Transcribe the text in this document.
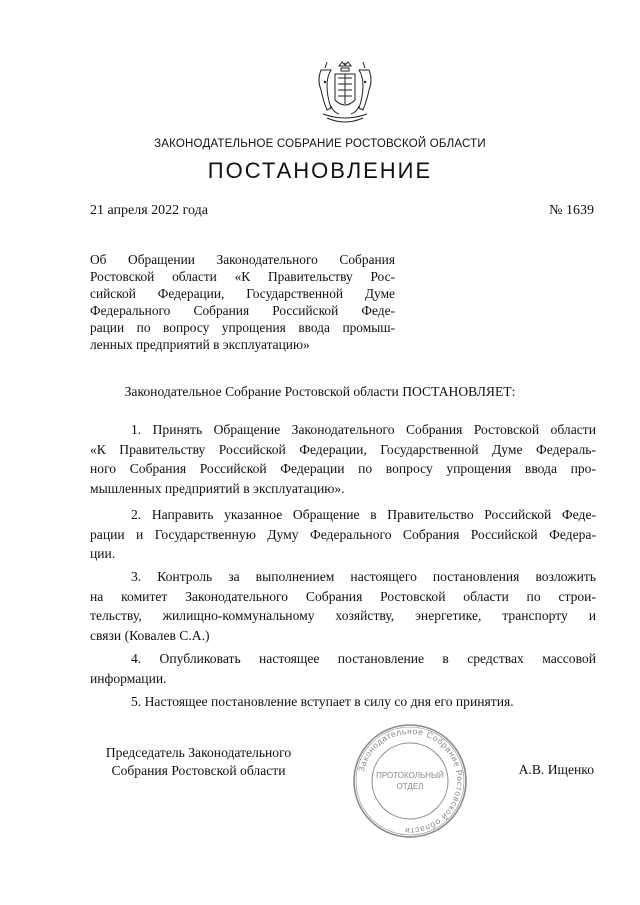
ЗАКОНОДАТЕЛЬНОЕ СОБРАНИЕ РОСТОВСКОЙ ОБЛАСТИ
ПОСТАНОВЛЕНИЕ
21 апреля 2022 года	№ 1639
Об Обращении Законодательного Собрания
Ростовской области «К Правительству Рос-
сийской Федерации, Государственной Думе
Федерального Собрания Российской Феде-
рации по вопросу упрощения ввода промыш-
ленных предприятий в эксплуатацию»
Законодательное Собрание Ростовской области ПОСТАНОВЛЯЕТ:
1. Принять Обращение Законодательного Собрания Ростовской области
«К Правительству Российской Федерации, Государственной Думе Федераль-
ного Собрания Российской Федерации по вопросу упрощения ввода про-
мышленных предприятий в эксплуатацию».
2. Направить указанное Обращение в Правительство Российской Феде-
рации и Государственную Думу Федерального Собрания Российской Федера-
ции.
3. Контроль за выполнением настоящего постановления возложить
на комитет Законодательного Собрания Ростовской области по строи-
тельству, жилищно-коммунальному хозяйству, энергетике, транспорту и
связи (Ковалев С.А.)
4. Опубликовать настоящее постановление в средствах массовой
информации.
5. Настоящее постановление вступает в силу со дня его принятия.
Председатель Законодательного
Собрания Ростовской области	А.В. Ищенко
Законодательное Собрание Ростовской области
ПРОТОКОЛЬНЫЙ
ОТДЕЛ
